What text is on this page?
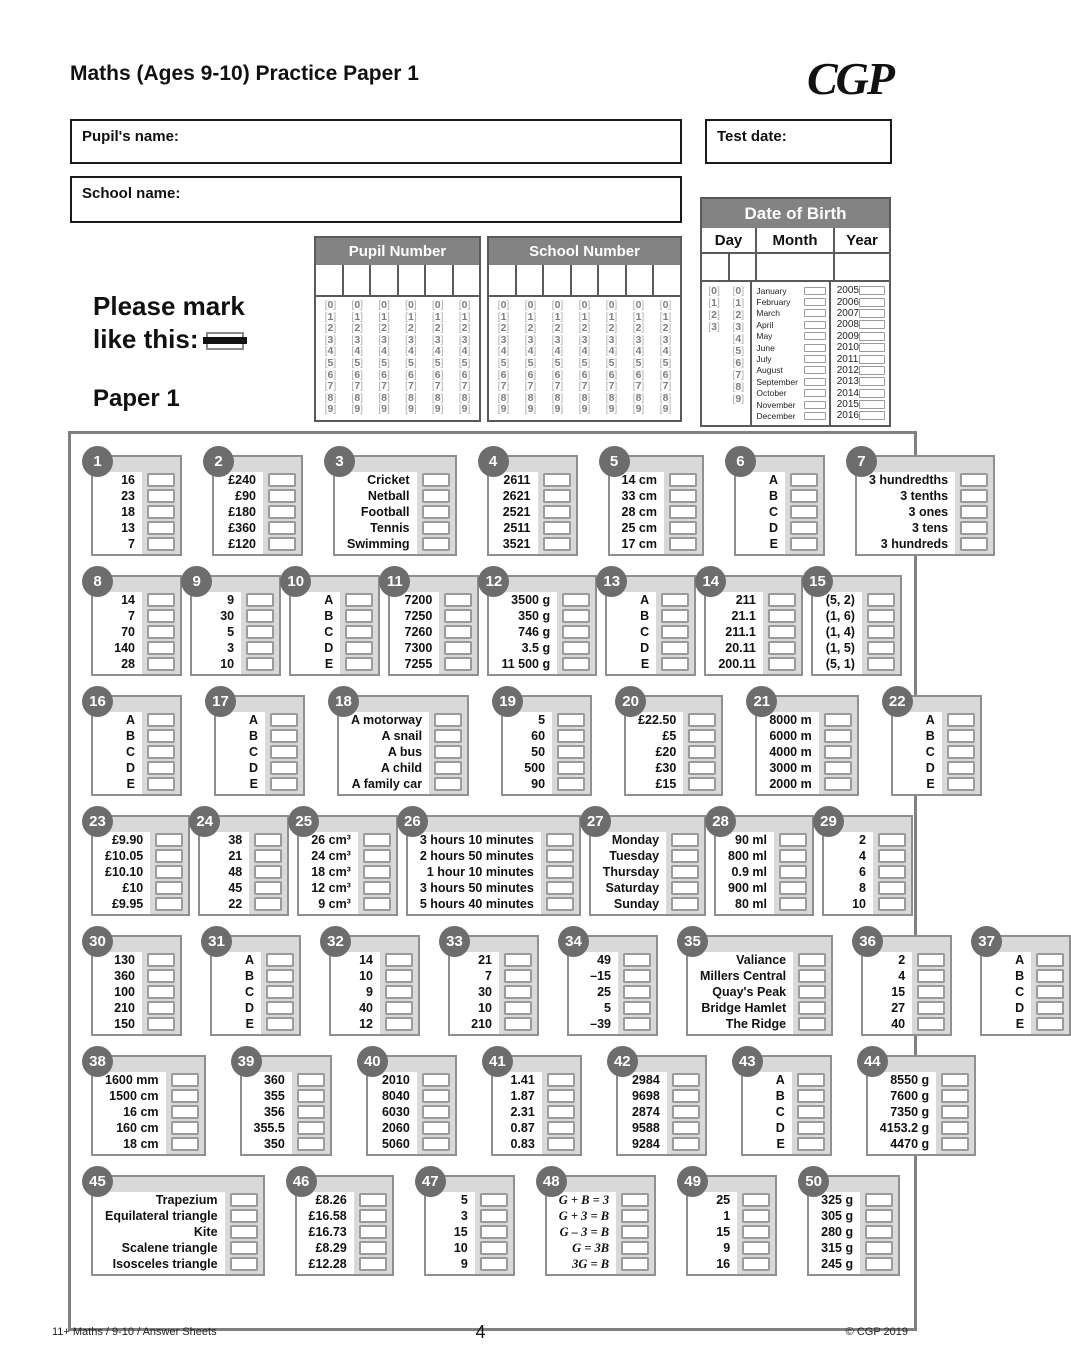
Maths (Ages 9-10) Practice Paper 1	CGP
Pupil's name:	Test date:
School name:
Please mark
like this:
Paper 1
Pupil Number
[0]
[1]
[2]
[3]
[4]
[5]
[6]
[7]
[8]
[9]
[0]
[1]
[2]
[3]
[4]
[5]
[6]
[7]
[8]
[9]
[0]
[1]
[2]
[3]
[4]
[5]
[6]
[7]
[8]
[9]
[0]
[1]
[2]
[3]
[4]
[5]
[6]
[7]
[8]
[9]
[0]
[1]
[2]
[3]
[4]
[5]
[6]
[7]
[8]
[9]
[0]
[1]
[2]
[3]
[4]
[5]
[6]
[7]
[8]
[9]
School Number
[0]
[1]
[2]
[3]
[4]
[5]
[6]
[7]
[8]
[9]
[0]
[1]
[2]
[3]
[4]
[5]
[6]
[7]
[8]
[9]
[0]
[1]
[2]
[3]
[4]
[5]
[6]
[7]
[8]
[9]
[0]
[1]
[2]
[3]
[4]
[5]
[6]
[7]
[8]
[9]
[0]
[1]
[2]
[3]
[4]
[5]
[6]
[7]
[8]
[9]
[0]
[1]
[2]
[3]
[4]
[5]
[6]
[7]
[8]
[9]
[0]
[1]
[2]
[3]
[4]
[5]
[6]
[7]
[8]
[9]
Date of Birth
Day	Month	Year
[0]
[1]
[2]
[3]
[0]
[1]
[2]
[3]
[4]
[5]
[6]
[7]
[8]
[9]
January
February
March
April
May
June
July
August
September
October
November
December
2005
2006
2007
2008
2009
2010
2011
2012
2013
2014
2015
2016
1
16
23
18
13
7
2
£240
£90
£180
£360
£120
3
Cricket
Netball
Football
Tennis
Swimming
4
2611
2621
2521
2511
3521
5
14 cm
33 cm
28 cm
25 cm
17 cm
6
A
B
C
D
E
7
3 hundredths
3 tenths
3 ones
3 tens
3 hundreds
8
14
7
70
140
28
9
9
30
5
3
10
10
A
B
C
D
E
11
7200
7250
7260
7300
7255
12
3500 g
350 g
746 g
3.5 g
11 500 g
13
A
B
C
D
E
14
211
21.1
211.1
20.11
200.11
15
(5, 2)
(1, 6)
(1, 4)
(1, 5)
(5, 1)
16
A
B
C
D
E
17
A
B
C
D
E
18
A motorway
A snail
A bus
A child
A family car
19
5
60
50
500
90
20
£22.50
£5
£20
£30
£15
21
8000 m
6000 m
4000 m
3000 m
2000 m
22
A
B
C
D
E
23
£9.90
£10.05
£10.10
£10
£9.95
24
38
21
48
45
22
25
26 cm³
24 cm³
18 cm³
12 cm³
9 cm³
26
3 hours 10 minutes
2 hours 50 minutes
1 hour 10 minutes
3 hours 50 minutes
5 hours 40 minutes
27
Monday
Tuesday
Thursday
Saturday
Sunday
28
90 ml
800 ml
0.9 ml
900 ml
80 ml
29
2
4
6
8
10
30
130
360
100
210
150
31
A
B
C
D
E
32
14
10
9
40
12
33
21
7
30
10
210
34
49
–15
25
5
–39
35
Valiance
Millers Central
Quay's Peak
Bridge Hamlet
The Ridge
36
2
4
15
27
40
37
A
B
C
D
E
38
1600 mm
1500 cm
16 cm
160 cm
18 cm
39
360
355
356
355.5
350
40
2010
8040
6030
2060
5060
41
1.41
1.87
2.31
0.87
0.83
42
2984
9698
2874
9588
9284
43
A
B
C
D
E
44
8550 g
7600 g
7350 g
4153.2 g
4470 g
45
Trapezium
Equilateral triangle
Kite
Scalene triangle
Isosceles triangle
46
£8.26
£16.58
£16.73
£8.29
£12.28
47
5
3
15
10
9
48
G + B = 3
G + 3 = B
G – 3 = B
G = 3B
3G = B
49
25
1
15
9
16
50
325 g
305 g
280 g
315 g
245 g
11+ Maths / 9-10 / Answer Sheets	4	© CGP 2019
